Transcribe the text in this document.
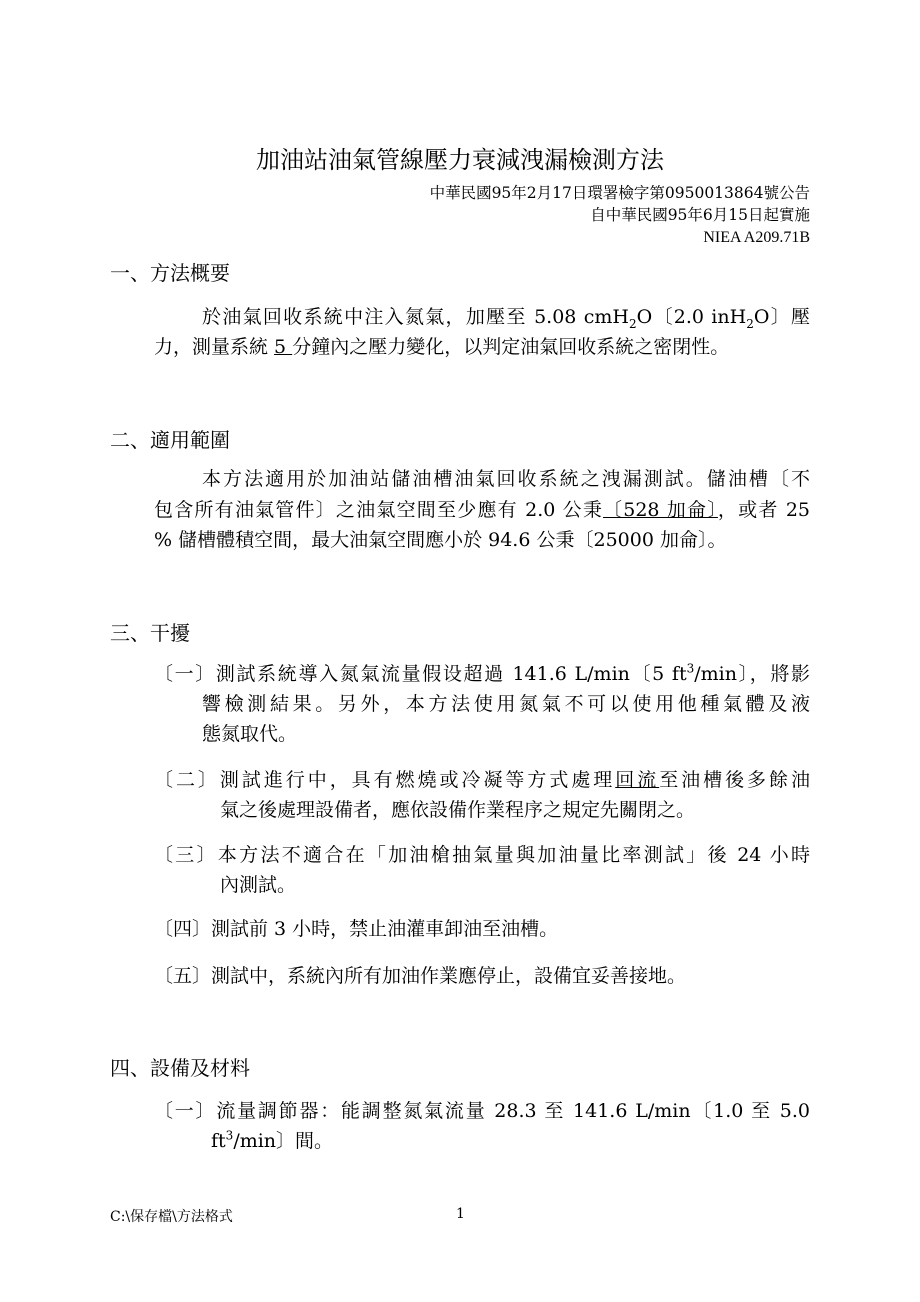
加油站油氣管線壓力衰減洩漏檢測方法
中華民國95年2月17日環署檢字第0950013864號公告
自中華民國95年6月15日起實施
NIEA A209.71B
一、方法概要
於油氣回收系統中注入氮氣，加壓至 5.08 cmH$_2$O〔2.0 inH$_2$O〕壓
力，測量系統 5 分鐘內之壓力變化，以判定油氣回收系統之密閉性。
二、適用範圍
本方法適用於加油站儲油槽油氣回收系統之洩漏測試。儲油槽〔不
包含所有油氣管件〕之油氣空間至少應有 2.0 公秉〔528 加侖〕，或者 25
% 儲槽體積空間，最大油氣空間應小於 94.6 公秉〔25000 加侖〕。
三、干擾
〔一〕測試系統導入氮氣流量假设超過 141.6 L/min〔5 $ft^3/\min$〕，將影
響檢測結果。另外，本方法使用氮氣不可以使用他種氣體及液
態氮取代。
〔二〕測試進行中，具有燃燒或冷凝等方式處理回流至油槽後多餘油
氣之後處理設備者，應依設備作業程序之規定先關閉之。
〔三〕本方法不適合在「加油槍抽氣量與加油量比率測試」後 24 小時
內測試。
〔四〕測試前 3 小時，禁止油灌車卸油至油槽。
〔五〕測試中，系統內所有加油作業應停止，設備宜妥善接地。
四、設備及材料
〔一〕流量調節器：能調整氮氣流量 28.3 至 141.6 L/min〔1.0 至 5.0
$ft^3/\min$〕間。
C:\保存檔\方法格式	1
